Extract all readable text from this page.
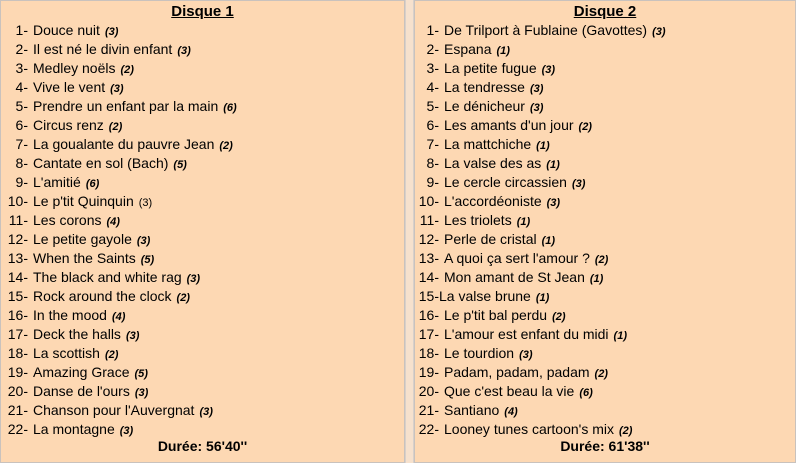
Disque 1
1- Douce nuit (3)
2- Il est né le divin enfant (3)
3- Medley noëls (2)
4- Vive le vent (3)
5- Prendre un enfant par la main (6)
6- Circus renz (2)
7- La goualante du pauvre Jean (2)
8- Cantate en sol (Bach) (5)
9- L'amitié (6)
10- Le p'tit Quinquin (3)
11- Les corons (4)
12- Le petite gayole (3)
13- When the Saints (5)
14- The black and white rag (3)
15- Rock around the clock (2)
16- In the mood (4)
17- Deck the halls (3)
18- La scottish (2)
19- Amazing Grace (5)
20- Danse de l'ours (3)
21- Chanson pour l'Auvergnat (3)
22- La montagne (3)
Durée: 56'40''
Disque 2
1- De Trilport à Fublaine (Gavottes) (3)
2- Espana (1)
3- La petite fugue (3)
4- La tendresse (3)
5- Le dénicheur (3)
6- Les amants d'un jour (2)
7- La mattchiche (1)
8- La valse des as (1)
9- Le cercle circassien (3)
10- L'accordéoniste (3)
11- Les triolets (1)
12- Perle de cristal (1)
13- A quoi ça sert l'amour ? (2)
14- Mon amant de St Jean (1)
15- La valse brune (1)
16- Le p'tit bal perdu (2)
17- L'amour est enfant du midi (1)
18- Le tourdion (3)
19- Padam, padam, padam (2)
20- Que c'est beau la vie (6)
21- Santiano (4)
22- Looney tunes cartoon's mix (2)
Durée: 61'38''
